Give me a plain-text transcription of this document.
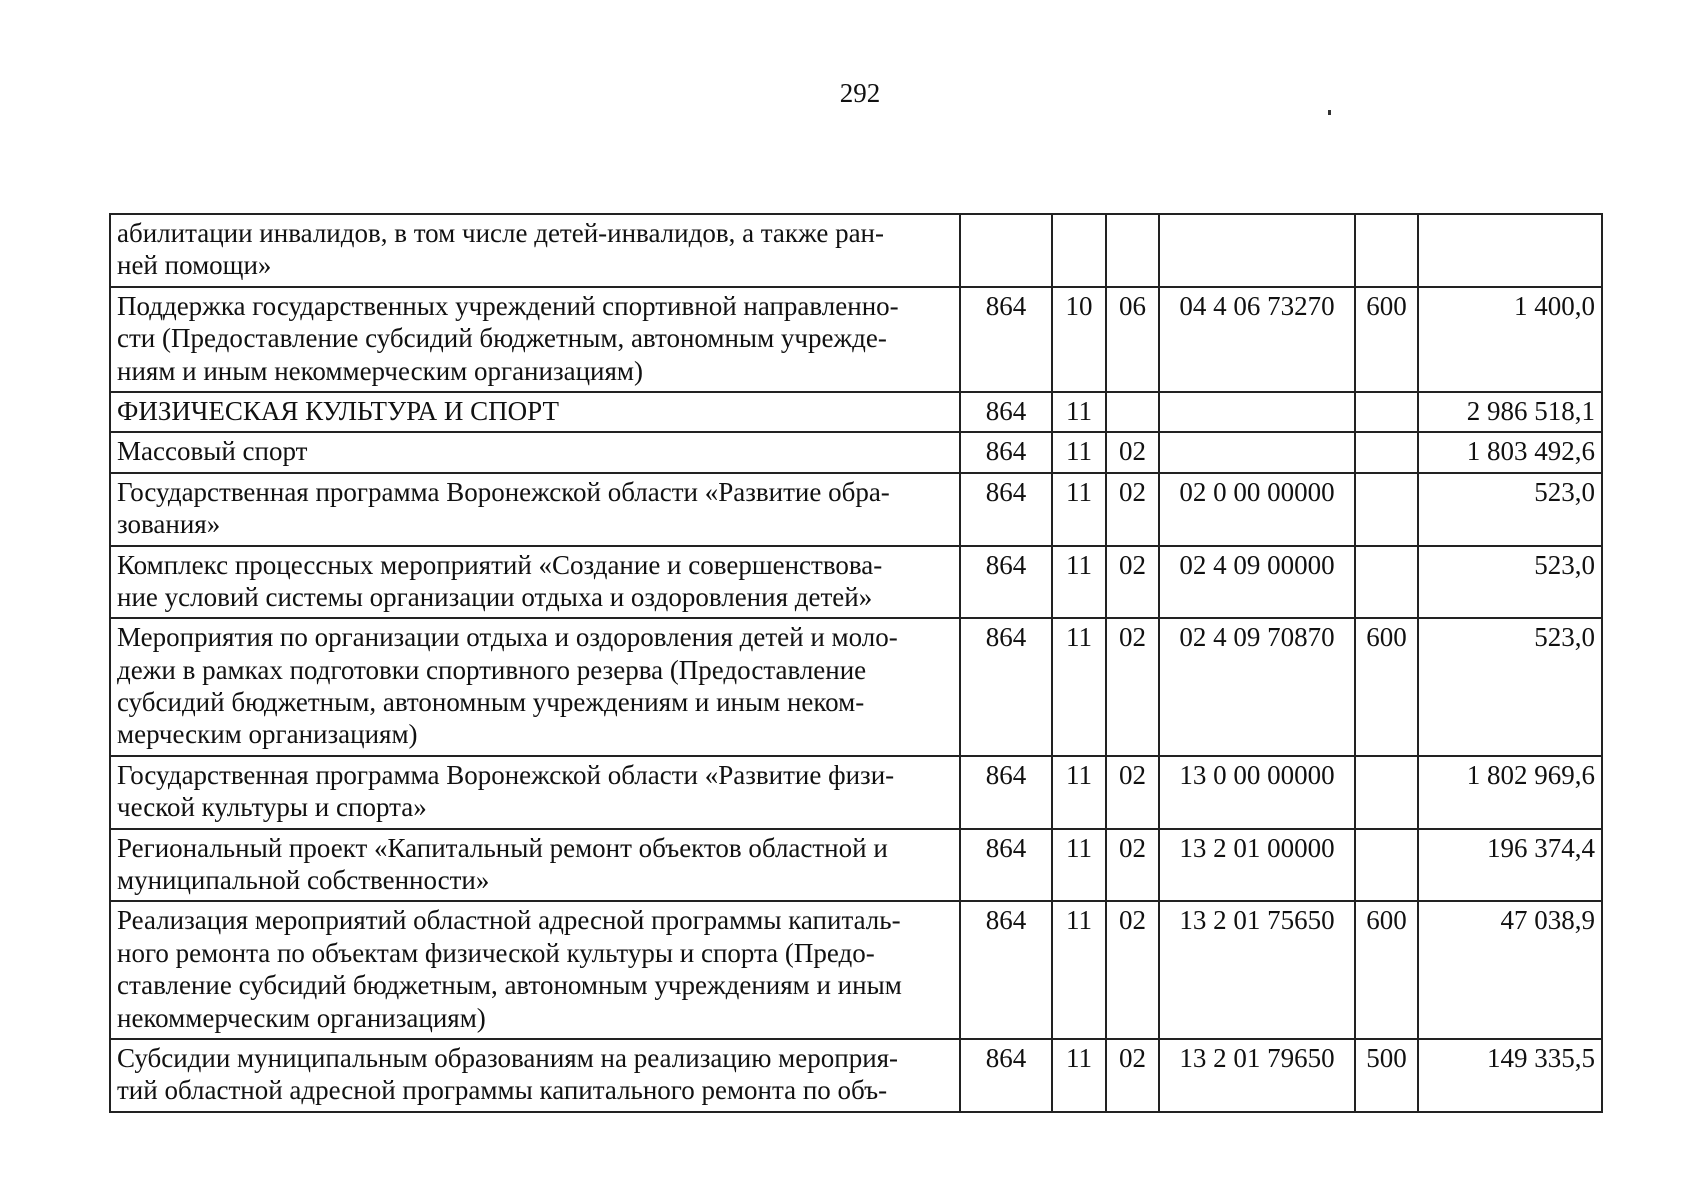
292
абилитации инвалидов, в том числе детей-инвалидов, а также ран-
ней помощи»						
Поддержка государственных учреждений спортивной направленно-
сти (Предоставление субсидий бюджетным, автономным учрежде-
ниям и иным некоммерческим организациям)	864	10	06	04 4 06 73270	600	1 400,0
ФИЗИЧЕСКАЯ КУЛЬТУРА И СПОРТ	864	11				2 986 518,1
Массовый спорт	864	11	02			1 803 492,6
Государственная программа Воронежской области «Развитие обра-
зования»	864	11	02	02 0 00 00000		523,0
Комплекс процессных мероприятий «Создание и совершенствова-
ние условий системы организации отдыха и оздоровления детей»	864	11	02	02 4 09 00000		523,0
Мероприятия по организации отдыха и оздоровления детей и моло-
дежи в рамках подготовки спортивного резерва (Предоставление
субсидий бюджетным, автономным учреждениям и иным неком-
мерческим организациям)	864	11	02	02 4 09 70870	600	523,0
Государственная программа Воронежской области «Развитие физи-
ческой культуры и спорта»	864	11	02	13 0 00 00000		1 802 969,6
Региональный проект «Капитальный ремонт объектов областной и
муниципальной собственности»	864	11	02	13 2 01 00000		196 374,4
Реализация мероприятий областной адресной программы капиталь-
ного ремонта по объектам физической культуры и спорта (Предо-
ставление субсидий бюджетным, автономным учреждениям и иным
некоммерческим организациям)	864	11	02	13 2 01 75650	600	47 038,9
Субсидии муниципальным образованиям на реализацию мероприя-
тий областной адресной программы капитального ремонта по объ-	864	11	02	13 2 01 79650	500	149 335,5
